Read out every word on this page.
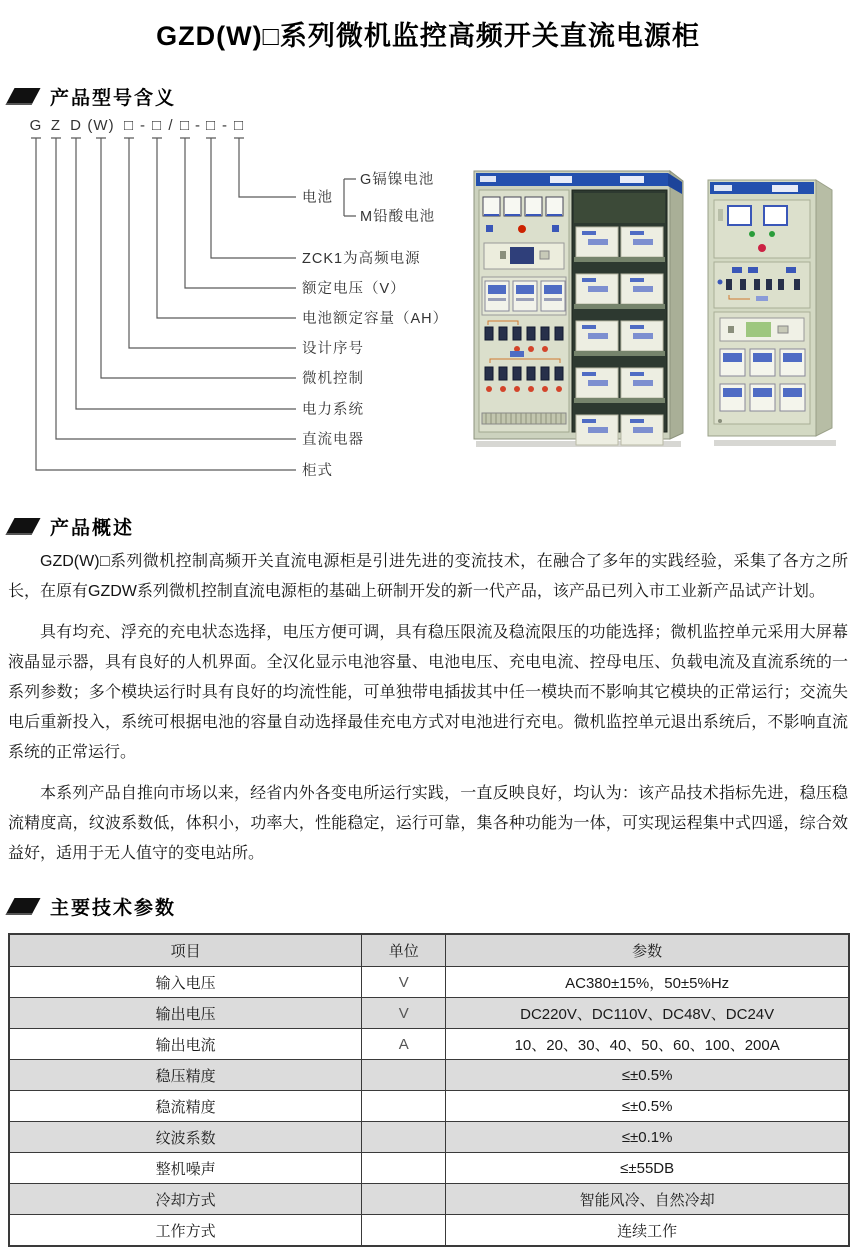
GZD(W)□系列微机监控高频开关直流电源柜
产品型号含义
G Z D (W) □ - □ / □ - □ - □
电池
G镉镍电池
M铅酸电池
ZCK1为高频电源
额定电压（V）
电池额定容量（AH）
设计序号
微机控制
电力系统
直流电器
柜式
产品概述

GZD(W)□系列微机控制高频开关直流电源柜是引进先进的变流技术，在融合了多年的实践经验，采集了各方之所长，在原有GZDW系列微机控制直流电源柜的基础上研制开发的新一代产品，该产品已列入市工业新产品试产计划。

具有均充、浮充的充电状态选择，电压方便可调，具有稳压限流及稳流限压的功能选择；微机监控单元采用大屏幕液晶显示器，具有良好的人机界面。全汉化显示电池容量、电池电压、充电电流、控母电压、负载电流及直流系统的一系列参数；多个模块运行时具有良好的均流性能，可单独带电插拔其中任一模块而不影响其它模块的正常运行；交流失电后重新投入，系统可根据电池的容量自动选择最佳充电方式对电池进行充电。微机监控单元退出系统后，不影响直流系统的正常运行。

本系列产品自推向市场以来，经省内外各变电所运行实践，一直反映良好，均认为：该产品技术指标先进，稳压稳流精度高，纹波系数低，体积小，功率大，性能稳定，运行可靠，集各种功能为一体，可实现运程集中式四遥，综合效益好，适用于无人值守的变电站所。

主要技术参数
项目	单位	参数
输入电压	V	AC380±15%，50±5%Hz
输出电压	V	DC220V、DC110V、DC48V、DC24V
输出电流	A	10、20、30、40、50、60、100、200A
稳压精度		≤±0.5%
稳流精度		≤±0.5%
纹波系数		≤±0.1%
整机噪声		≤±55DB
冷却方式		智能风冷、自然冷却
工作方式		连续工作
